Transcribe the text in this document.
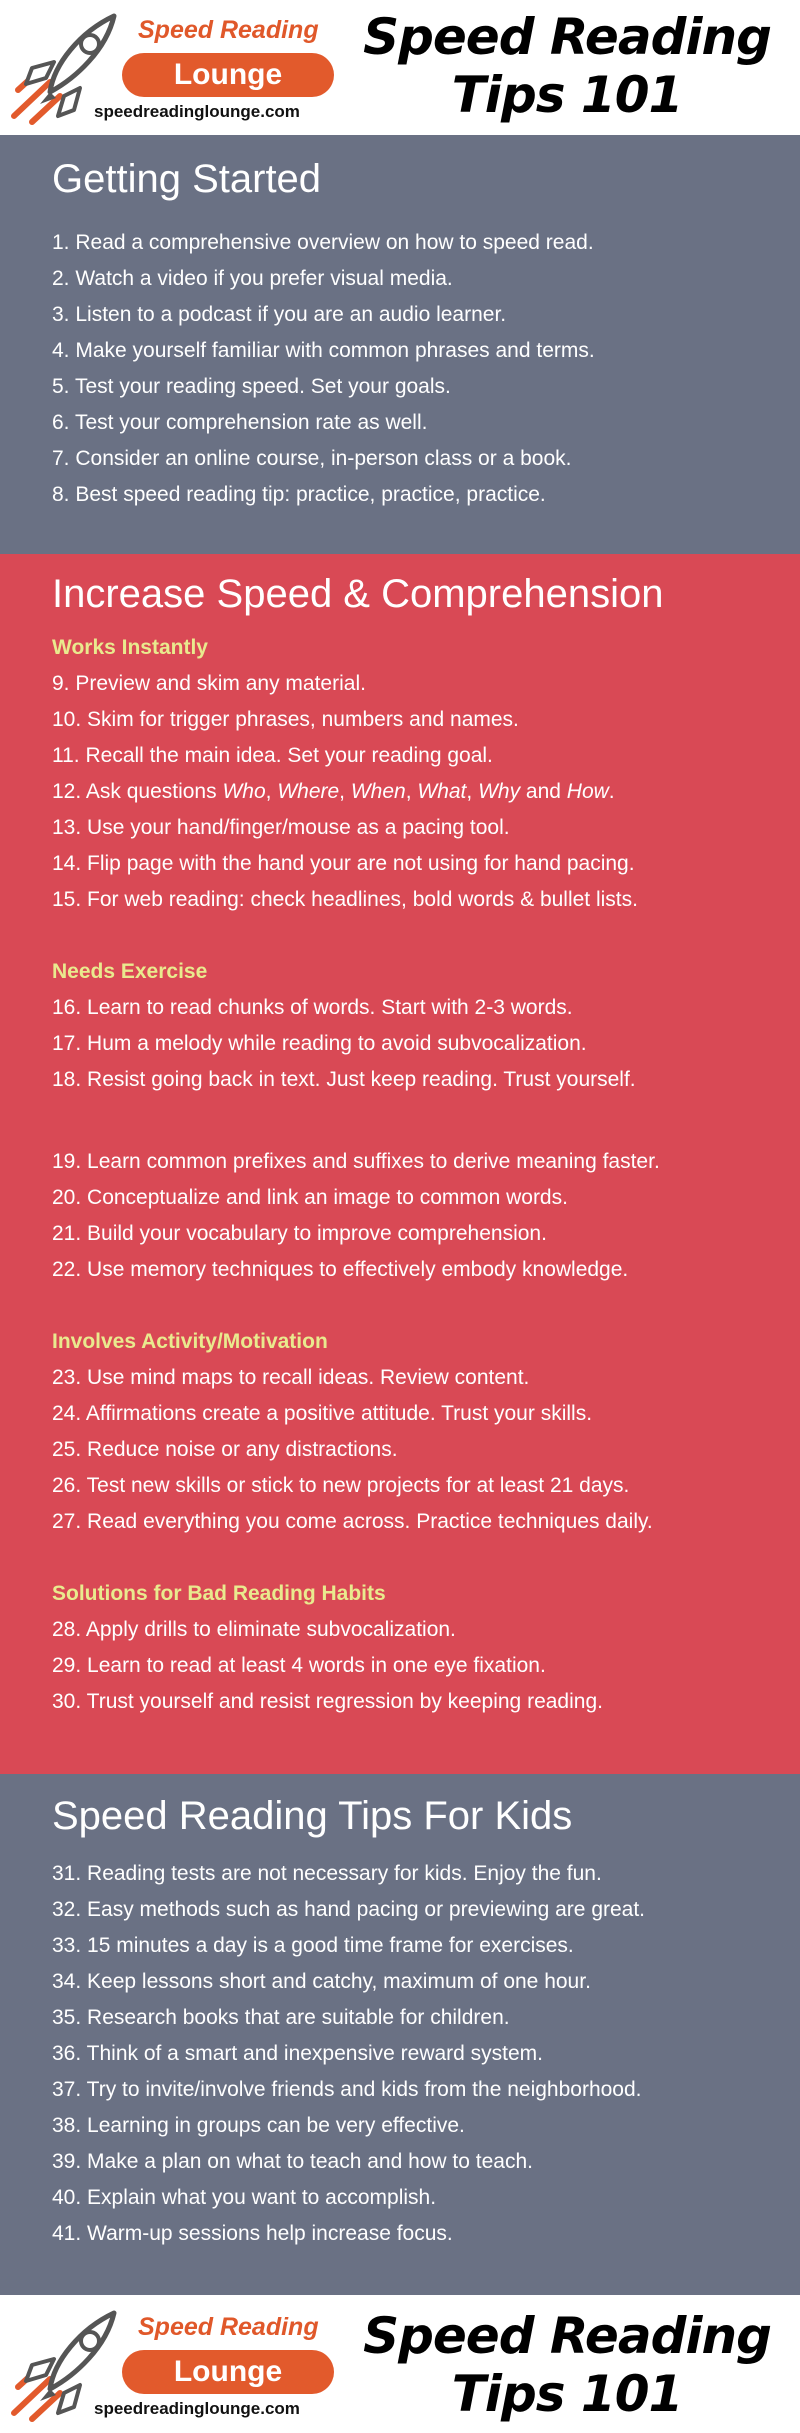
Speed Reading
Lounge
speedreadinglounge.com
Speed Reading
Tips 101
Getting Started
1. Read a comprehensive overview on how to speed read.
2. Watch a video if you prefer visual media.
3. Listen to a podcast if you are an audio learner.
4. Make yourself familiar with common phrases and terms.
5. Test your reading speed. Set your goals.
6. Test your comprehension rate as well.
7. Consider an online course, in-person class or a book.
8. Best speed reading tip: practice, practice, practice.
Increase Speed & Comprehension
Works Instantly
9. Preview and skim any material.
10. Skim for trigger phrases, numbers and names.
11. Recall the main idea. Set your reading goal.
12. Ask questions Who, Where, When, What, Why and How.
13. Use your hand/finger/mouse as a pacing tool.
14. Flip page with the hand your are not using for hand pacing.
15. For web reading: check headlines, bold words & bullet lists.
Needs Exercise
16. Learn to read chunks of words. Start with 2-3 words.
17. Hum a melody while reading to avoid subvocalization.
18. Resist going back in text. Just keep reading. Trust yourself.
19. Learn common prefixes and suffixes to derive meaning faster.
20. Conceptualize and link an image to common words.
21. Build your vocabulary to improve comprehension.
22. Use memory techniques to effectively embody knowledge.
Involves Activity/Motivation
23. Use mind maps to recall ideas. Review content.
24. Affirmations create a positive attitude. Trust your skills.
25. Reduce noise or any distractions.
26. Test new skills or stick to new projects for at least 21 days.
27. Read everything you come across. Practice techniques daily.
Solutions for Bad Reading Habits
28. Apply drills to eliminate subvocalization.
29. Learn to read at least 4 words in one eye fixation.
30. Trust yourself and resist regression by keeping reading.
Speed Reading Tips For Kids
31. Reading tests are not necessary for kids. Enjoy the fun.
32. Easy methods such as hand pacing or previewing are great.
33. 15 minutes a day is a good time frame for exercises.
34. Keep lessons short and catchy, maximum of one hour.
35. Research books that are suitable for children.
36. Think of a smart and inexpensive reward system.
37. Try to invite/involve friends and kids from the neighborhood.
38. Learning in groups can be very effective.
39. Make a plan on what to teach and how to teach.
40. Explain what you want to accomplish.
41. Warm-up sessions help increase focus.
Speed Reading
Lounge
speedreadinglounge.com
Speed Reading
Tips 101
